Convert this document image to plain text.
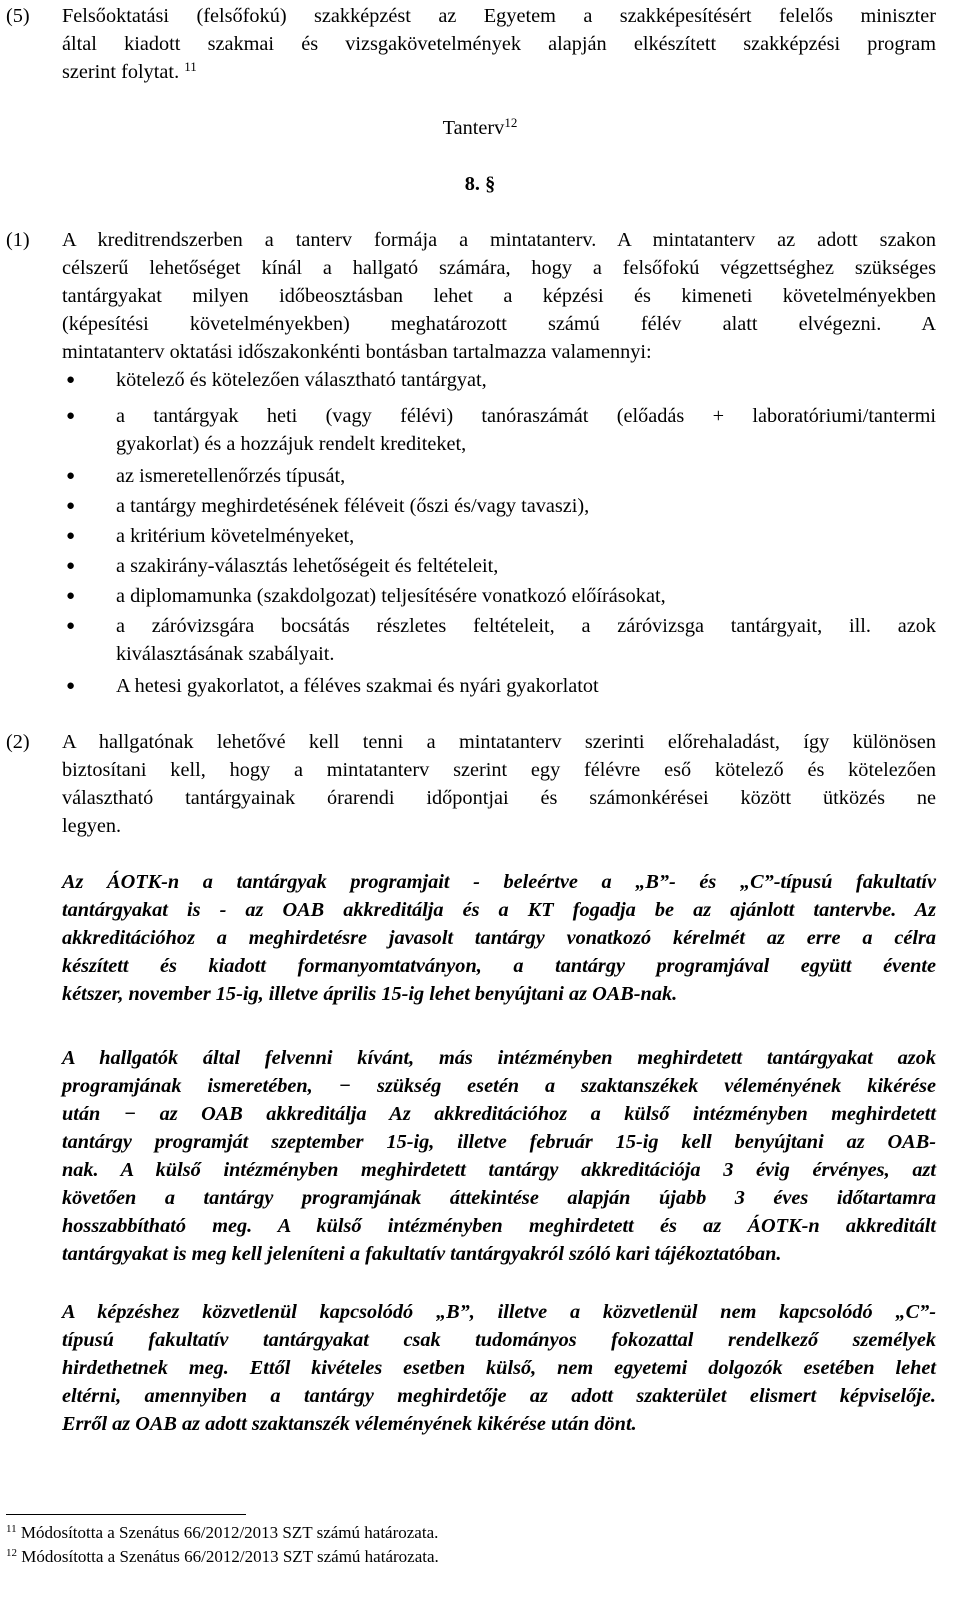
(5) Felsőoktatási (felsőfokú) szakképzést az Egyetem a szakképesítésért felelős miniszter

által kiadott szakmai és vizsgakövetelmények alapján elkészített szakképzési program

szerint folytat. $^{11}$

Tanterv$^{12}$

8. §

(1) A kreditrendszerben a tanterv formája a mintatanterv. A mintatanterv az adott szakon

célszerű lehetőséget kínál a hallgató számára, hogy a felsőfokú végzettséghez szükséges

tantárgyakat milyen időbeosztásban lehet a képzési és kimeneti követelményekben

(képesítési követelményekben) meghatározott számú félév alatt elvégezni. A

mintatanterv oktatási időszakonkénti bontásban tartalmazza valamennyi:

● kötelező és kötelezően választható tantárgyat,

● a tantárgyak heti (vagy félévi) tanóraszámát (előadás + laboratóriumi/tantermi

gyakorlat) és a hozzájuk rendelt krediteket,

● az ismeretellenőrzés típusát,

● a tantárgy meghirdetésének féléveit (őszi és/vagy tavaszi),

● a kritérium követelményeket,

● a szakirány-választás lehetőségeit és feltételeit,

● a diplomamunka (szakdolgozat) teljesítésére vonatkozó előírásokat,

● a záróvizsgára bocsátás részletes feltételeit, a záróvizsga tantárgyait, ill. azok

kiválasztásának szabályait.

● A hetesi gyakorlatot, a féléves szakmai és nyári gyakorlatot

(2) A hallgatónak lehetővé kell tenni a mintatanterv szerinti előrehaladást, így különösen

biztosítani kell, hogy a mintatanterv szerint egy félévre eső kötelező és kötelezően

választható tantárgyainak órarendi időpontjai és számonkérései között ütközés ne

legyen.

Az ÁOTK-n a tantárgyak programjait - beleértve a „B”- és „C”-típusú fakultatív

tantárgyakat is - az OAB akkreditálja és a KT fogadja be az ajánlott tantervbe. Az

akkreditációhoz a meghirdetésre javasolt tantárgy vonatkozó kérelmét az erre a célra

készített és kiadott formanyomtatványon, a tantárgy programjával együtt évente

kétszer, november 15-ig, illetve április 15-ig lehet benyújtani az OAB-nak.

A hallgatók által felvenni kívánt, más intézményben meghirdetett tantárgyakat azok

programjának ismeretében, − szükség esetén a szaktanszékek véleményének kikérése

után − az OAB akkreditálja Az akkreditációhoz a külső intézményben meghirdetett

tantárgy programját szeptember 15-ig, illetve február 15-ig kell benyújtani az OAB-

nak. A külső intézményben meghirdetett tantárgy akkreditációja 3 évig érvényes, azt

követően a tantárgy programjának áttekintése alapján újabb 3 éves időtartamra

hosszabbítható meg. A külső intézményben meghirdetett és az ÁOTK-n akkreditált

tantárgyakat is meg kell jeleníteni a fakultatív tantárgyakról szóló kari tájékoztatóban.

A képzéshez közvetlenül kapcsolódó „B”, illetve a közvetlenül nem kapcsolódó „C”-

típusú fakultatív tantárgyakat csak tudományos fokozattal rendelkező személyek

hirdethetnek meg. Ettől kivételes esetben külső, nem egyetemi dolgozók esetében lehet

eltérni, amennyiben a tantárgy meghirdetője az adott szakterület elismert képviselője.

Erről az OAB az adott szaktanszék véleményének kikérése után dönt.

$^{11}$ Módosította a Szenátus 66/2012/2013 SZT számú határozata.

$^{12}$ Módosította a Szenátus 66/2012/2013 SZT számú határozata.
